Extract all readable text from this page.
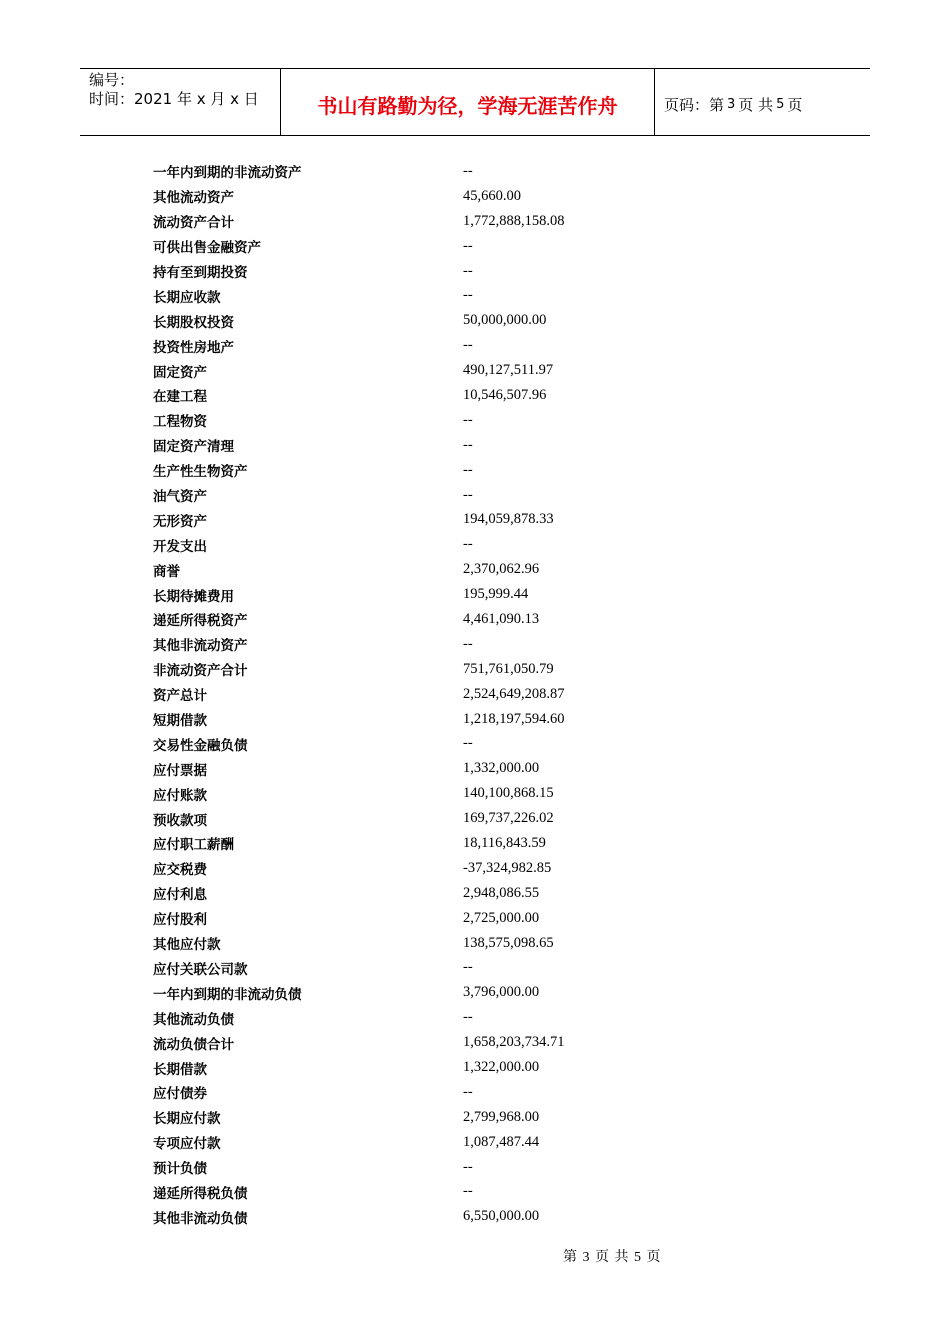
编号：
时间：2021 年 x 月 x 日	书山有路勤为径，学海无涯苦作舟	页码：第 3 页 共 5 页
一年内到期的非流动资产	--
其他流动资产	45,660.00
流动资产合计	1,772,888,158.08
可供出售金融资产	--
持有至到期投资	--
长期应收款	--
长期股权投资	50,000,000.00
投资性房地产	--
固定资产	490,127,511.97
在建工程	10,546,507.96
工程物资	--
固定资产清理	--
生产性生物资产	--
油气资产	--
无形资产	194,059,878.33
开发支出	--
商誉	2,370,062.96
长期待摊费用	195,999.44
递延所得税资产	4,461,090.13
其他非流动资产	--
非流动资产合计	751,761,050.79
资产总计	2,524,649,208.87
短期借款	1,218,197,594.60
交易性金融负债	--
应付票据	1,332,000.00
应付账款	140,100,868.15
预收款项	169,737,226.02
应付职工薪酬	18,116,843.59
应交税费	-37,324,982.85
应付利息	2,948,086.55
应付股利	2,725,000.00
其他应付款	138,575,098.65
应付关联公司款	--
一年内到期的非流动负债	3,796,000.00
其他流动负债	--
流动负债合计	1,658,203,734.71
长期借款	1,322,000.00
应付债券	--
长期应付款	2,799,968.00
专项应付款	1,087,487.44
预计负债	--
递延所得税负债	--
其他非流动负债	6,550,000.00
第 3 页 共 5 页
